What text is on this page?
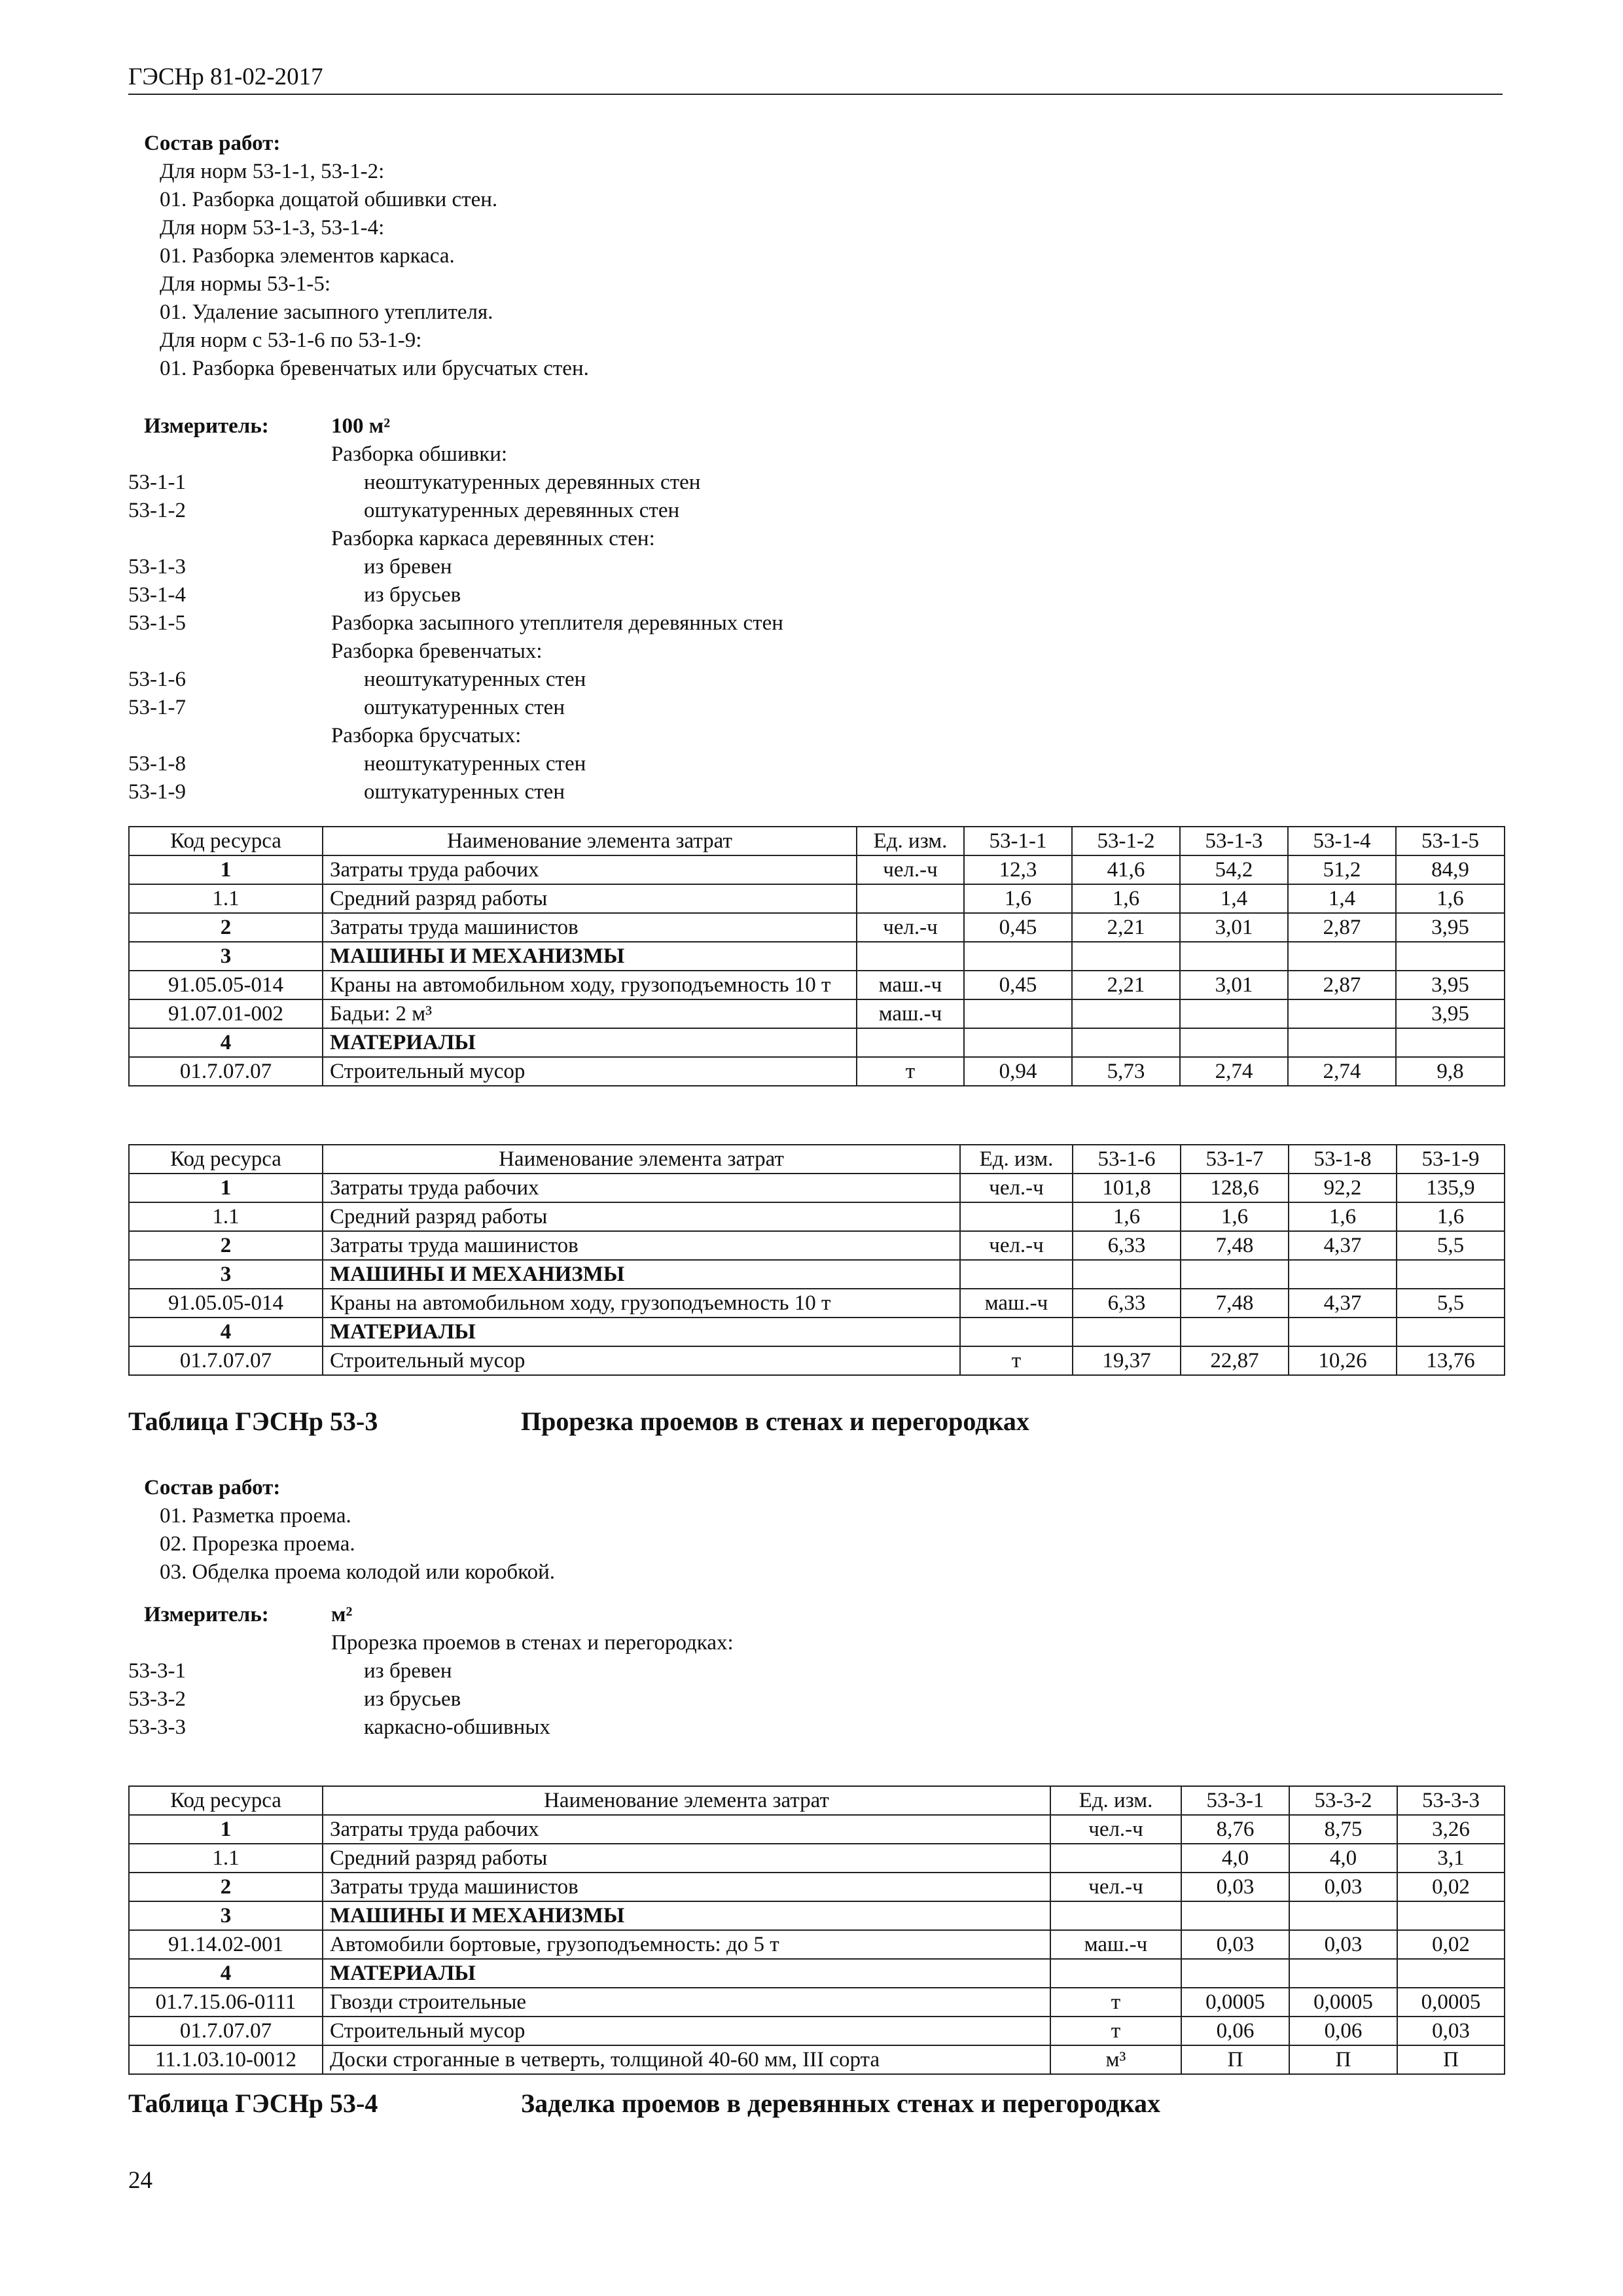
ГЭСНр 81-02-2017
Состав работ:
Для норм 53-1-1, 53-1-2:
01. Разборка дощатой обшивки стен.
Для норм 53-1-3, 53-1-4:
01. Разборка элементов каркаса.
Для нормы 53-1-5:
01. Удаление засыпного утеплителя.
Для норм с 53-1-6 по 53-1-9:
01. Разборка бревенчатых или брусчатых стен.
Измеритель:	100 м²
Разборка обшивки:
53-1-1	неоштукатуренных деревянных стен
53-1-2	оштукатуренных деревянных стен
Разборка каркаса деревянных стен:
53-1-3	из бревен
53-1-4	из брусьев
53-1-5	Разборка засыпного утеплителя деревянных стен
Разборка бревенчатых:
53-1-6	неоштукатуренных стен
53-1-7	оштукатуренных стен
Разборка брусчатых:
53-1-8	неоштукатуренных стен
53-1-9	оштукатуренных стен
Код ресурса	Наименование элемента затрат	Ед. изм.	53-1-1	53-1-2	53-1-3	53-1-4	53-1-5
1	Затраты труда рабочих	чел.-ч	12,3	41,6	54,2	51,2	84,9
1.1	Средний разряд работы		1,6	1,6	1,4	1,4	1,6
2	Затраты труда машинистов	чел.-ч	0,45	2,21	3,01	2,87	3,95
3	МАШИНЫ И МЕХАНИЗМЫ						
91.05.05-014	Краны на автомобильном ходу, грузоподъемность 10 т	маш.-ч	0,45	2,21	3,01	2,87	3,95
91.07.01-002	Бадьи: 2 м³	маш.-ч					3,95
4	МАТЕРИАЛЫ						
01.7.07.07	Строительный мусор	т	0,94	5,73	2,74	2,74	9,8
Код ресурса	Наименование элемента затрат	Ед. изм.	53-1-6	53-1-7	53-1-8	53-1-9
1	Затраты труда рабочих	чел.-ч	101,8	128,6	92,2	135,9
1.1	Средний разряд работы		1,6	1,6	1,6	1,6
2	Затраты труда машинистов	чел.-ч	6,33	7,48	4,37	5,5
3	МАШИНЫ И МЕХАНИЗМЫ					
91.05.05-014	Краны на автомобильном ходу, грузоподъемность 10 т	маш.-ч	6,33	7,48	4,37	5,5
4	МАТЕРИАЛЫ					
01.7.07.07	Строительный мусор	т	19,37	22,87	10,26	13,76
Таблица ГЭСНр 53-3	Прорезка проемов в стенах и перегородках
Состав работ:
01. Разметка проема.
02. Прорезка проема.
03. Обделка проема колодой или коробкой.
Измеритель:	м²
Прорезка проемов в стенах и перегородках:
53-3-1	из бревен
53-3-2	из брусьев
53-3-3	каркасно-обшивных
Код ресурса	Наименование элемента затрат	Ед. изм.	53-3-1	53-3-2	53-3-3
1	Затраты труда рабочих	чел.-ч	8,76	8,75	3,26
1.1	Средний разряд работы		4,0	4,0	3,1
2	Затраты труда машинистов	чел.-ч	0,03	0,03	0,02
3	МАШИНЫ И МЕХАНИЗМЫ				
91.14.02-001	Автомобили бортовые, грузоподъемность: до 5 т	маш.-ч	0,03	0,03	0,02
4	МАТЕРИАЛЫ				
01.7.15.06-0111	Гвозди строительные	т	0,0005	0,0005	0,0005
01.7.07.07	Строительный мусор	т	0,06	0,06	0,03
11.1.03.10-0012	Доски строганные в четверть, толщиной 40-60 мм, III сорта	м³	П	П	П
Таблица ГЭСНр 53-4	Заделка проемов в деревянных стенах и перегородках
24
